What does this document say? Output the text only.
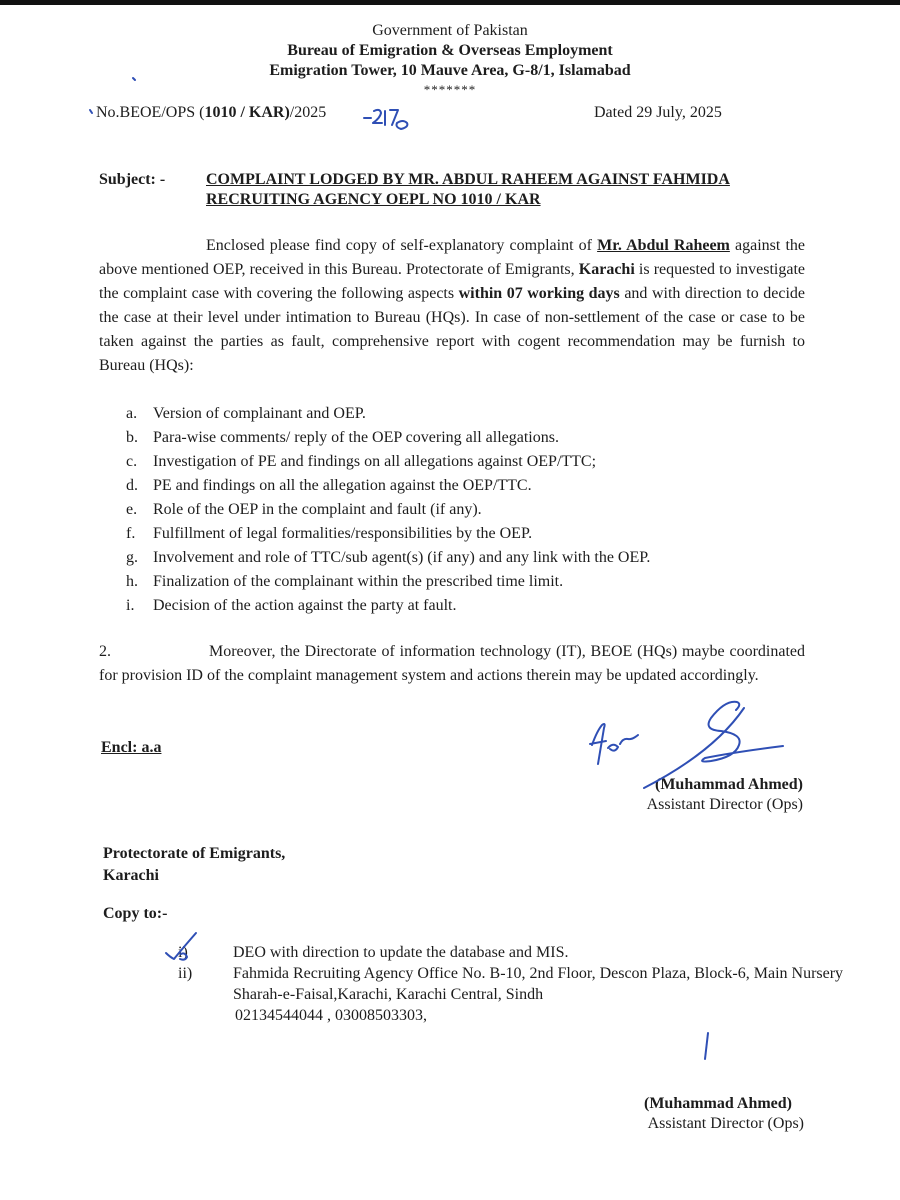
Government of Pakistan
Bureau of Emigration & Overseas Employment
Emigration Tower, 10 Mauve Area, G-8/1, Islamabad
*******
No.BEOE/OPS (1010 / KAR)/2025	Dated 29 July, 2025
Subject: -	COMPLAINT LODGED BY MR. ABDUL RAHEEM AGAINST FAHMIDA RECRUITING AGENCY OEPL NO 1010 / KAR
Enclosed please find copy of self-explanatory complaint of Mr. Abdul Raheem against the above mentioned OEP, received in this Bureau. Protectorate of Emigrants, Karachi is requested to investigate the complaint case with covering the following aspects within 07 working days and with direction to decide the case at their level under intimation to Bureau (HQs). In case of non-settlement of the case or case to be taken against the parties as fault, comprehensive report with cogent recommendation may be furnish to Bureau (HQs):
a. Version of complainant and OEP.
b. Para-wise comments/ reply of the OEP covering all allegations.
c. Investigation of PE and findings on all allegations against OEP/TTC;
d. PE and findings on all the allegation against the OEP/TTC.
e. Role of the OEP in the complaint and fault (if any).
f.	Fulfillment of legal formalities/responsibilities by the OEP.
g. Involvement and role of TTC/sub agent(s) (if any) and any link with the OEP.
h. Finalization of the complainant within the prescribed time limit.
i.	Decision of the action against the party at fault.
2.	Moreover, the Directorate of information technology (IT), BEOE (HQs) maybe coordinated for provision ID of the complaint management system and actions therein may be updated accordingly.
Encl: a.a
(Muhammad Ahmed)
Assistant Director (Ops)
Protectorate of Emigrants,
Karachi
Copy to:-
i)	DEO with direction to update the database and MIS.
ii)	Fahmida Recruiting Agency Office No. B-10, 2nd Floor, Descon Plaza, Block-6, Main Nursery Sharah-e-Faisal,Karachi, Karachi Central, Sindh
02134544044 , 03008503303,
(Muhammad Ahmed)
Assistant Director (Ops)
